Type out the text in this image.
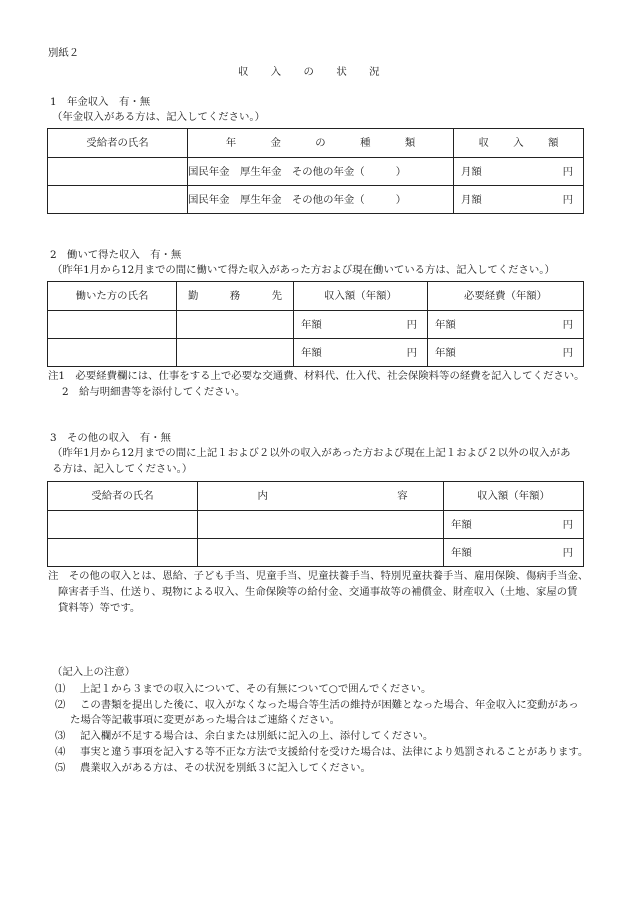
別紙２
収　入　の　状　況
1　年金収入　有・無
（年金収入がある方は、記入してください。）
受給者の氏名	年　金　の　種　類	収　入　額
	国民年金　厚生年金　その他の年金（　　　）	月額 円

	国民年金　厚生年金　その他の年金（　　　）	月額 円
2　働いて得た収入　有・無
（昨年1月から12月までの間に働いて得た収入があった方および現在働いている方は、記入してください。）
働いた方の氏名	勤　務　先	収入額（年額）	必要経費（年額）

		年額 円	年額 円

		年額 円	年額 円
注1　必要経費欄には、仕事をする上で必要な交通費、材料代、仕入代、社会保険料等の経費を記入してください。
2　給与明細書等を添付してください。
3　その他の収入　有・無
（昨年1月から12月までの間に上記１および２以外の収入があった方および現在上記１および２以外の収入があ
る方は、記入してください。）
受給者の氏名	内　容	収入額（年額）

		年額 円

		年額 円
注　その他の収入とは、恩給、子ども手当、児童手当、児童扶養手当、特別児童扶養手当、雇用保険、傷病手当金、
障害者手当、仕送り、現物による収入、生命保険等の給付金、交通事故等の補償金、財産収入（土地、家屋の賃
貸料等）等です。
（記入上の注意）
⑴ 上記１から３までの収入について、その有無について○で囲んでください。
⑵ この書類を提出した後に、収入がなくなった場合等生活の維持が困難となった場合、年金収入に変動があっ
た場合等記載事項に変更があった場合はご連絡ください。
⑶ 記入欄が不足する場合は、余白または別紙に記入の上、添付してください。
⑷ 事実と違う事項を記入する等不正な方法で支援給付を受けた場合は、法律により処罰されることがあります。
⑸ 農業収入がある方は、その状況を別紙３に記入してください。
